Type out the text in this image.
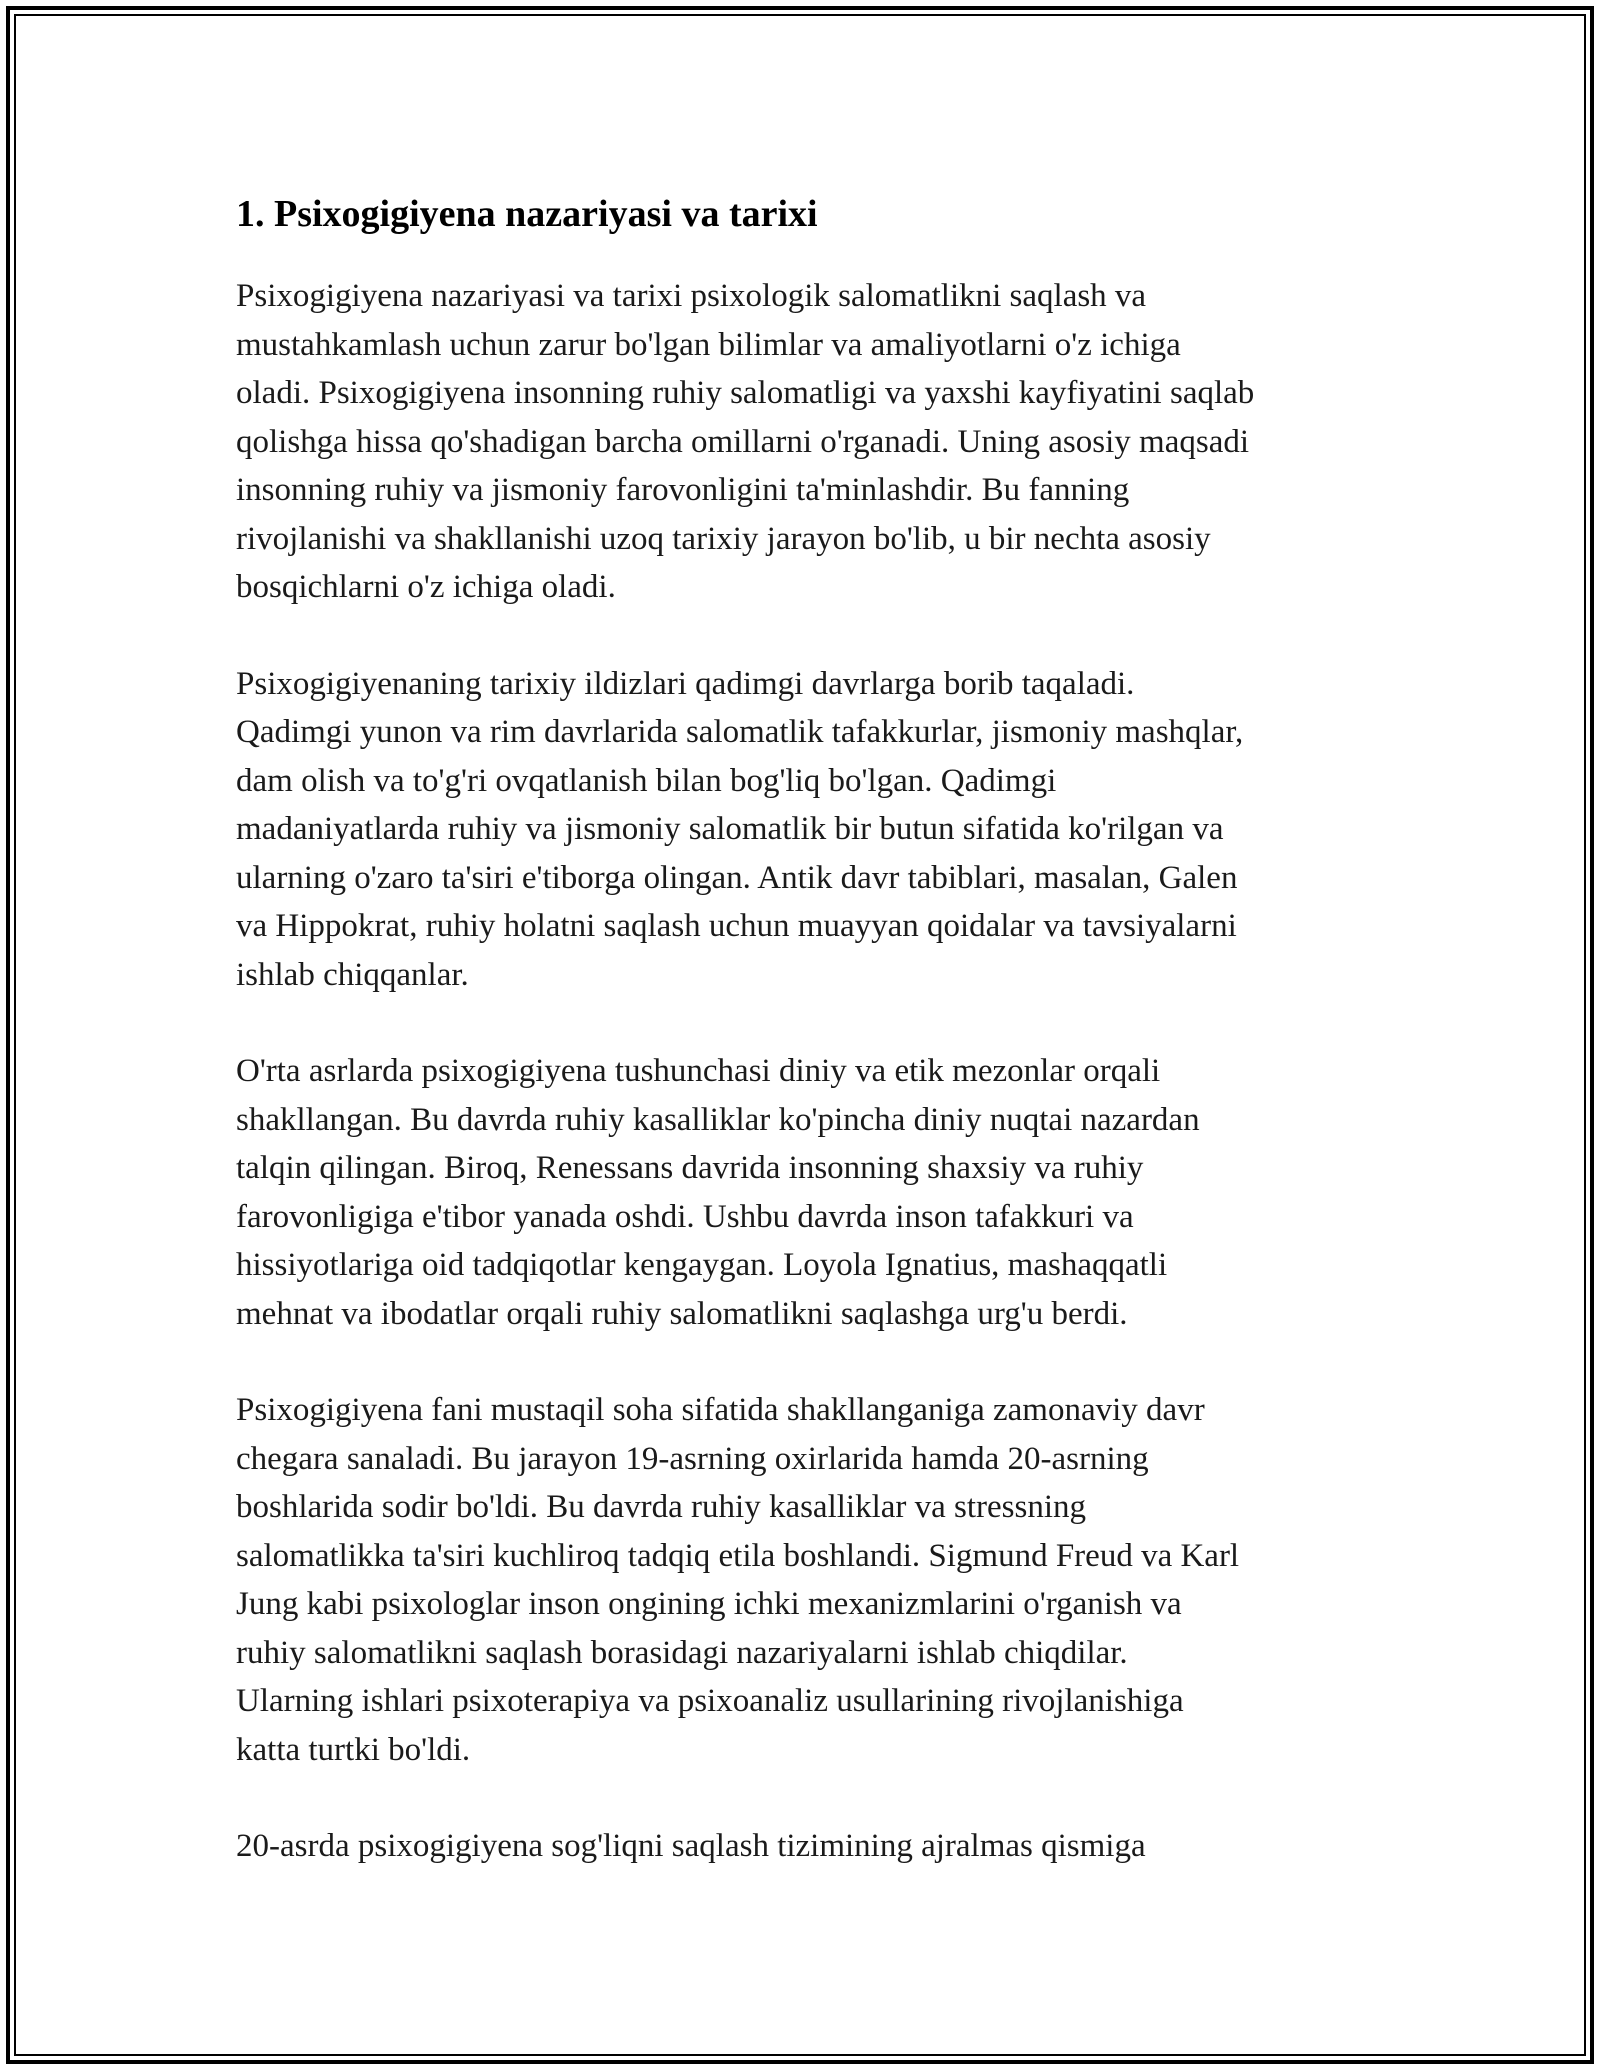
1. Psixogigiyena nazariyasi va tarixi

Psixogigiyena nazariyasi va tarixi psixologik salomatlikni saqlash va
mustahkamlash uchun zarur bo'lgan bilimlar va amaliyotlarni o'z ichiga
oladi. Psixogigiyena insonning ruhiy salomatligi va yaxshi kayfiyatini saqlab
qolishga hissa qo'shadigan barcha omillarni o'rganadi. Uning asosiy maqsadi
insonning ruhiy va jismoniy farovonligini ta'minlashdir. Bu fanning
rivojlanishi va shakllanishi uzoq tarixiy jarayon bo'lib, u bir nechta asosiy
bosqichlarni o'z ichiga oladi.

Psixogigiyenaning tarixiy ildizlari qadimgi davrlarga borib taqaladi.
Qadimgi yunon va rim davrlarida salomatlik tafakkurlar, jismoniy mashqlar,
dam olish va to'g'ri ovqatlanish bilan bog'liq bo'lgan. Qadimgi
madaniyatlarda ruhiy va jismoniy salomatlik bir butun sifatida ko'rilgan va
ularning o'zaro ta'siri e'tiborga olingan. Antik davr tabiblari, masalan, Galen
va Hippokrat, ruhiy holatni saqlash uchun muayyan qoidalar va tavsiyalarni
ishlab chiqqanlar.

O'rta asrlarda psixogigiyena tushunchasi diniy va etik mezonlar orqali
shakllangan. Bu davrda ruhiy kasalliklar ko'pincha diniy nuqtai nazardan
talqin qilingan. Biroq, Renessans davrida insonning shaxsiy va ruhiy
farovonligiga e'tibor yanada oshdi. Ushbu davrda inson tafakkuri va
hissiyotlariga oid tadqiqotlar kengaygan. Loyola Ignatius, mashaqqatli
mehnat va ibodatlar orqali ruhiy salomatlikni saqlashga urg'u berdi.

Psixogigiyena fani mustaqil soha sifatida shakllanganiga zamonaviy davr
chegara sanaladi. Bu jarayon 19-asrning oxirlarida hamda 20-asrning
boshlarida sodir bo'ldi. Bu davrda ruhiy kasalliklar va stressning
salomatlikka ta'siri kuchliroq tadqiq etila boshlandi. Sigmund Freud va Karl
Jung kabi psixologlar inson ongining ichki mexanizmlarini o'rganish va
ruhiy salomatlikni saqlash borasidagi nazariyalarni ishlab chiqdilar.
Ularning ishlari psixoterapiya va psixoanaliz usullarining rivojlanishiga
katta turtki bo'ldi.

20-asrda psixogigiyena sog'liqni saqlash tizimining ajralmas qismiga
